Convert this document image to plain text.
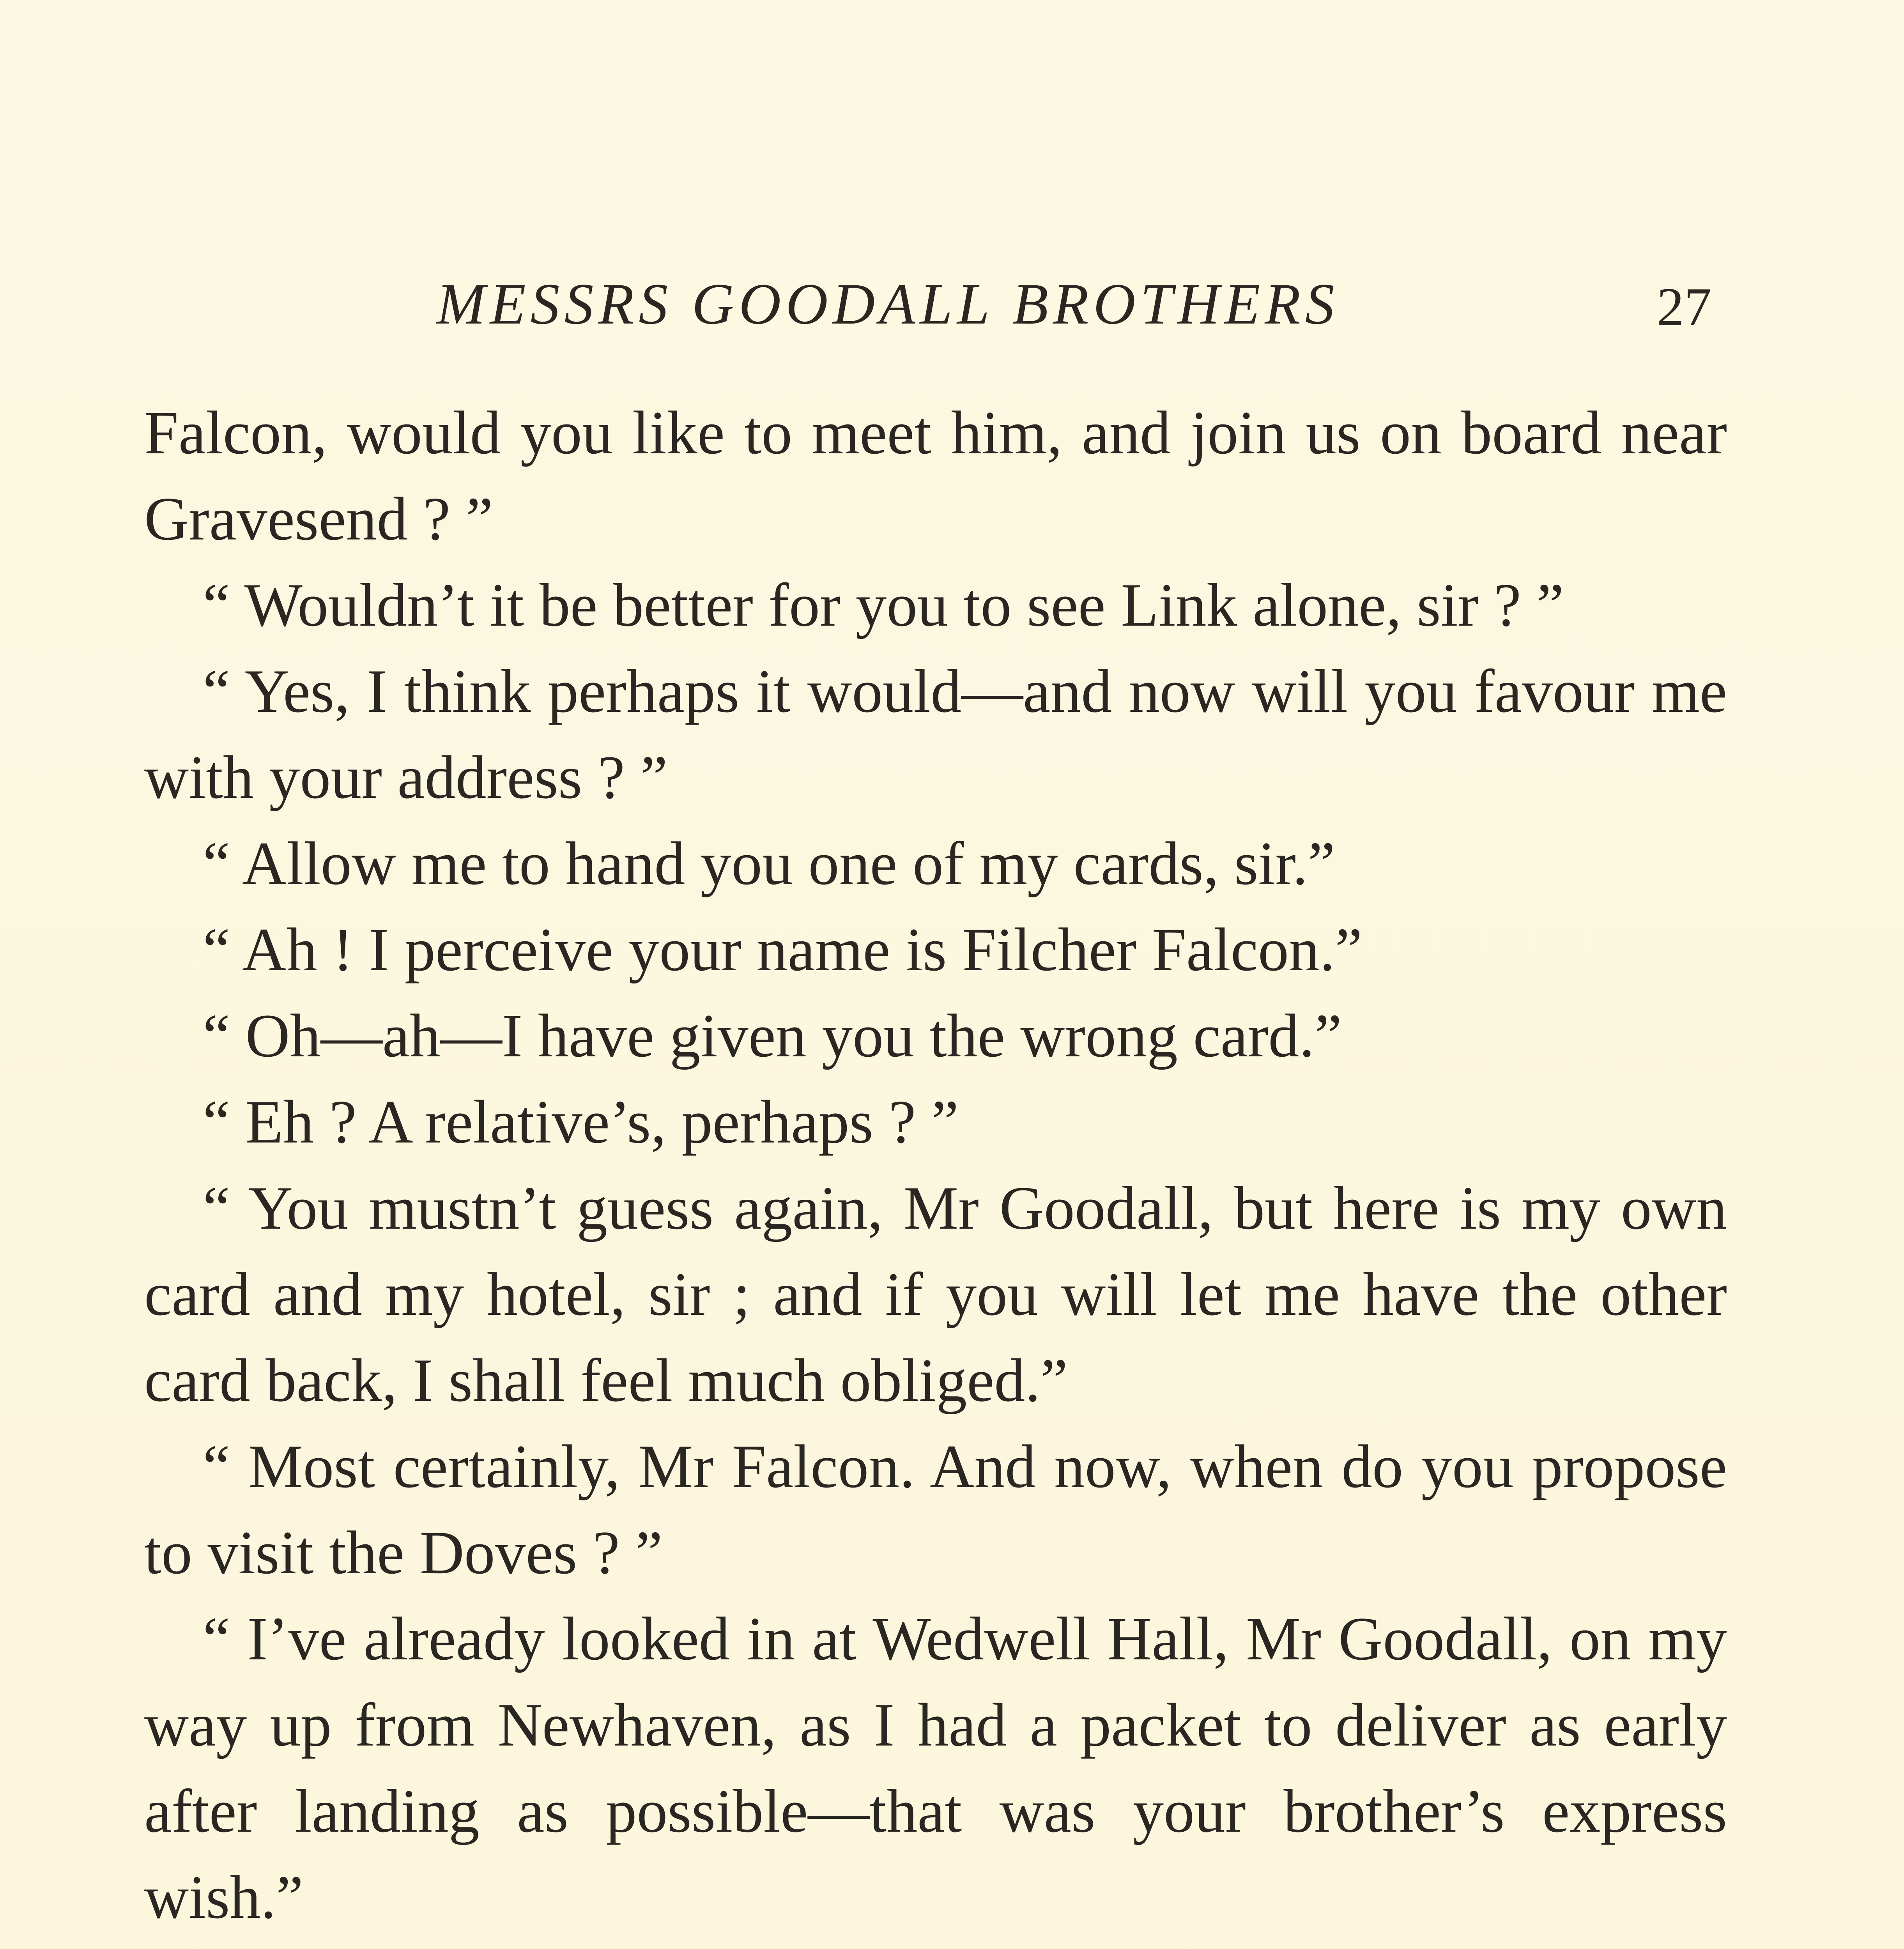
MESSRS GOODALL BROTHERS	27

Falcon, would you like to meet him, and join us on board near Gravesend ? ”

“ Wouldn’t it be better for you to see Link alone, sir ? ”

“ Yes, I think perhaps it would—and now will you favour me with your address ? ”

“ Allow me to hand you one of my cards, sir.”

“ Ah ! I perceive your name is Filcher Falcon.”

“ Oh—ah—I have given you the wrong card.”

“ Eh ? A relative’s, perhaps ? ”

“ You mustn’t guess again, Mr Goodall, but here is my own card and my hotel, sir ; and if you will let me have the other card back, I shall feel much obliged.”

“ Most certainly, Mr Falcon. And now, when do you propose to visit the Doves ? ”

“ I’ve already looked in at Wedwell Hall, Mr Goodall, on my way up from Newhaven, as I had a packet to deliver as early after landing as possible—that was your brother’s express wish.”
